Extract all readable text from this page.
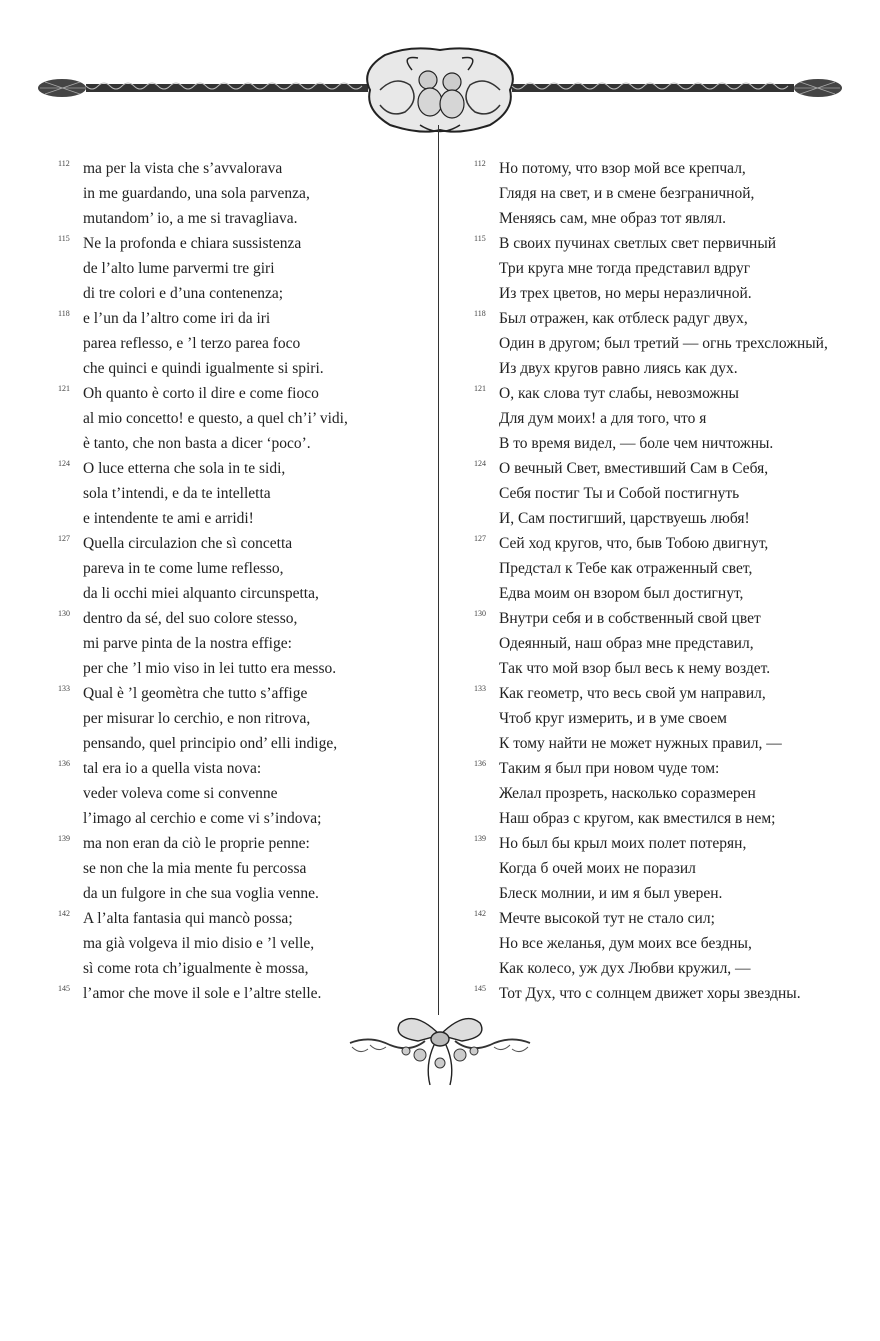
112 ma per la vista che s’avvalorava
in me guardando, una sola parvenza,
mutandom’ io, a me si travagliava.
115 Ne la profonda e chiara sussistenza
de l’alto lume parvermi tre giri
di tre colori e d’una contenenza;
118 e l’un da l’altro come iri da iri
parea reflesso, e ’l terzo parea foco
che quinci e quindi igualmente si spiri.
121 Oh quanto è corto il dire e come fioco
al mio concetto! e questo, a quel ch’i’ vidi,
è tanto, che non basta a dicer ‘poco’.
124 O luce etterna che sola in te sidi,
sola t’intendi, e da te intelletta
e intendente te ami e arridi!
127 Quella circulazion che sì concetta
pareva in te come lume reflesso,
da li occhi miei alquanto circunspetta,
130 dentro da sé, del suo colore stesso,
mi parve pinta de la nostra effige:
per che ’l mio viso in lei tutto era messo.
133 Qual è ’l geomètra che tutto s’affige
per misurar lo cerchio, e non ritrova,
pensando, quel principio ond’ elli indige,
136 tal era io a quella vista nova:
veder voleva come si convenne
l’imago al cerchio e come vi s’indova;
139 ma non eran da ciò le proprie penne:
se non che la mia mente fu percossa
da un fulgore in che sua voglia venne.
142 A l’alta fantasia qui mancò possa;
ma già volgeva il mio disio e ’l velle,
sì come rota ch’igualmente è mossa,
145 l’amor che move il sole e l’altre stelle.
112 Но потому, что взор мой все крепчал,
Глядя на свет, и в смене безграничной,
Меняясь сам, мне образ тот являл.
115 В своих пучинах светлых свет первичный
Три круга мне тогда представил вдруг
Из трех цветов, но меры неразличной.
118 Был отражен, как отблеск радуг двух,
Один в другом; был третий — огнь трехсложный,
Из двух кругов равно лиясь как дух.
121 О, как слова тут слабы, невозможны
Для дум моих! а для того, что я
В то время видел, — боле чем ничтожны.
124 О вечный Свет, вместивший Сам в Себя,
Себя постиг Ты и Собой постигнуть
И, Сам постигший, царствуешь любя!
127 Сей ход кругов, что, быв Тобою двигнут,
Предстал к Тебе как отраженный свет,
Едва моим он взором был достигнут,
130 Внутри себя и в собственный свой цвет
Одеянный, наш образ мне представил,
Так что мой взор был весь к нему воздет.
133 Как геометр, что весь свой ум направил,
Чтоб круг измерить, и в уме своем
К тому найти не может нужных правил, —
136 Таким я был при новом чуде том:
Желал прозреть, насколько соразмерен
Наш образ с кругом, как вместился в нем;
139 Но был бы крыл моих полет потерян,
Когда б очей моих не поразил
Блеск молнии, и им я был уверен.
142 Мечте высокой тут не стало сил;
Но все желанья, дум моих все бездны,
Как колесо, уж дух Любви кружил, —
145 Тот Дух, что с солнцем движет хоры звездны.
